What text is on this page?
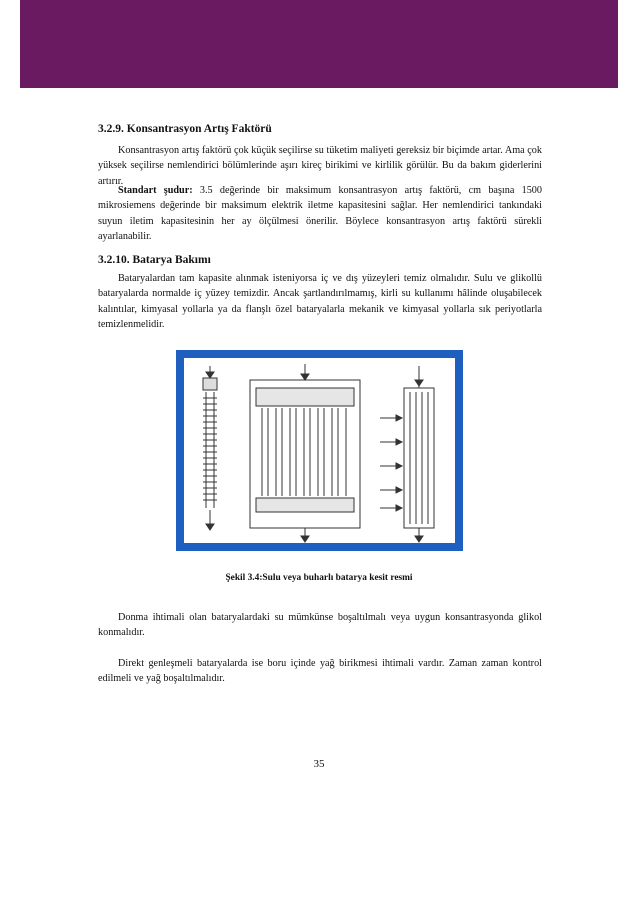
3.2.9. Konsantrasyon Artış Faktörü

Konsantrasyon artış faktörü çok küçük seçilirse su tüketim maliyeti gereksiz bir biçimde artar. Ama çok yüksek seçilirse nemlendirici bölümlerinde aşırı kireç birikimi ve kirlilik görülür. Bu da bakım giderlerini artırır.

Standart şudur: 3.5 değerinde bir maksimum konsantrasyon artış faktörü, cm başına 1500 mikrosiemens değerinde bir maksimum elektrik iletme kapasitesini sağlar. Her nemlendirici tankındaki suyun iletim kapasitesinin her ay ölçülmesi önerilir. Böylece konsantrasyon artış faktörü sürekli ayarlanabilir.

3.2.10. Batarya Bakımı

Bataryalardan tam kapasite alınmak isteniyorsa iç ve dış yüzeyleri temiz olmalıdır. Sulu ve glikollü bataryalarda normalde iç yüzey temizdir. Ancak şartlandırılmamış, kirli su kullanımı hâlinde oluşabilecek kalıntılar, kimyasal yollarla ya da flanşlı özel bataryalarla mekanik ve kimyasal yollarla sık periyotlarla temizlenmelidir.

Şekil 3.4:Sulu veya buharlı batarya kesit resmi

Donma ihtimali olan bataryalardaki su mümkünse boşaltılmalı veya uygun konsantrasyonda glikol konmalıdır.

Direkt genleşmeli bataryalarda ise boru içinde yağ birikmesi ihtimali vardır. Zaman zaman kontrol edilmeli ve yağ boşaltılmalıdır.

35
